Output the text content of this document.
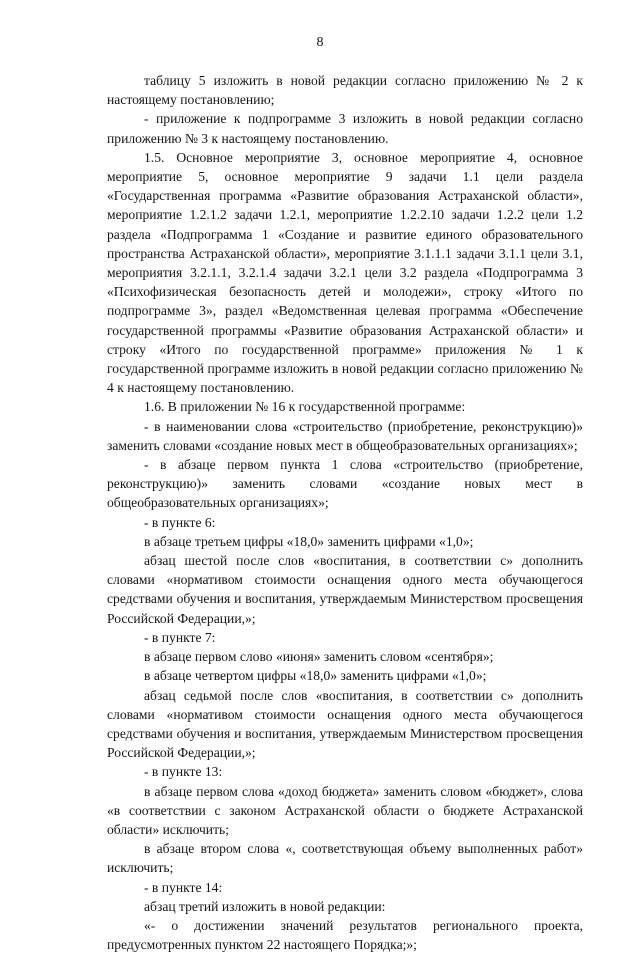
8

таблицу 5 изложить в новой редакции согласно приложению № 2 к настоящему постановлению;

- приложение к подпрограмме 3 изложить в новой редакции согласно приложению № 3 к настоящему постановлению.

1.5. Основное мероприятие 3, основное мероприятие 4, основное мероприятие 5, основное мероприятие 9 задачи 1.1 цели раздела «Государственная программа «Развитие образования Астраханской области», мероприятие 1.2.1.2 задачи 1.2.1, мероприятие 1.2.2.10 задачи 1.2.2 цели 1.2 раздела «Подпрограмма 1 «Создание и развитие единого образовательного пространства Астраханской области», мероприятие 3.1.1.1 задачи 3.1.1 цели 3.1, мероприятия 3.2.1.1, 3.2.1.4 задачи 3.2.1 цели 3.2 раздела «Подпрограмма 3 «Психофизическая безопасность детей и молодежи», строку «Итого по подпрограмме 3», раздел «Ведомственная целевая программа «Обеспечение государственной программы «Развитие образования Астраханской области» и строку «Итого по государственной программе» приложения № 1 к государственной программе изложить в новой редакции согласно приложению № 4 к настоящему постановлению.

1.6. В приложении № 16 к государственной программе:

- в наименовании слова «строительство (приобретение, реконструкцию)» заменить словами «создание новых мест в общеобразовательных организациях»;

- в абзаце первом пункта 1 слова «строительство (приобретение, реконструкцию)» заменить словами «создание новых мест в общеобразовательных организациях»;

- в пункте 6:

в абзаце третьем цифры «18,0» заменить цифрами «1,0»;

абзац шестой после слов «воспитания, в соответствии с» дополнить словами «нормативом стоимости оснащения одного места обучающегося средствами обучения и воспитания, утверждаемым Министерством просвещения Российской Федерации,»;

- в пункте 7:

в абзаце первом слово «июня» заменить словом «сентября»;

в абзаце четвертом цифры «18,0» заменить цифрами «1,0»;

абзац седьмой после слов «воспитания, в соответствии с» дополнить словами «нормативом стоимости оснащения одного места обучающегося средствами обучения и воспитания, утверждаемым Министерством просвещения Российской Федерации,»;

- в пункте 13:

в абзаце первом слова «доход бюджета» заменить словом «бюджет», слова «в соответствии с законом Астраханской области о бюджете Астраханской области» исключить;

в абзаце втором слова «, соответствующая объему выполненных работ» исключить;

- в пункте 14:

абзац третий изложить в новой редакции:

«- о достижении значений результатов регионального проекта, предусмотренных пунктом 22 настоящего Порядка;»;
